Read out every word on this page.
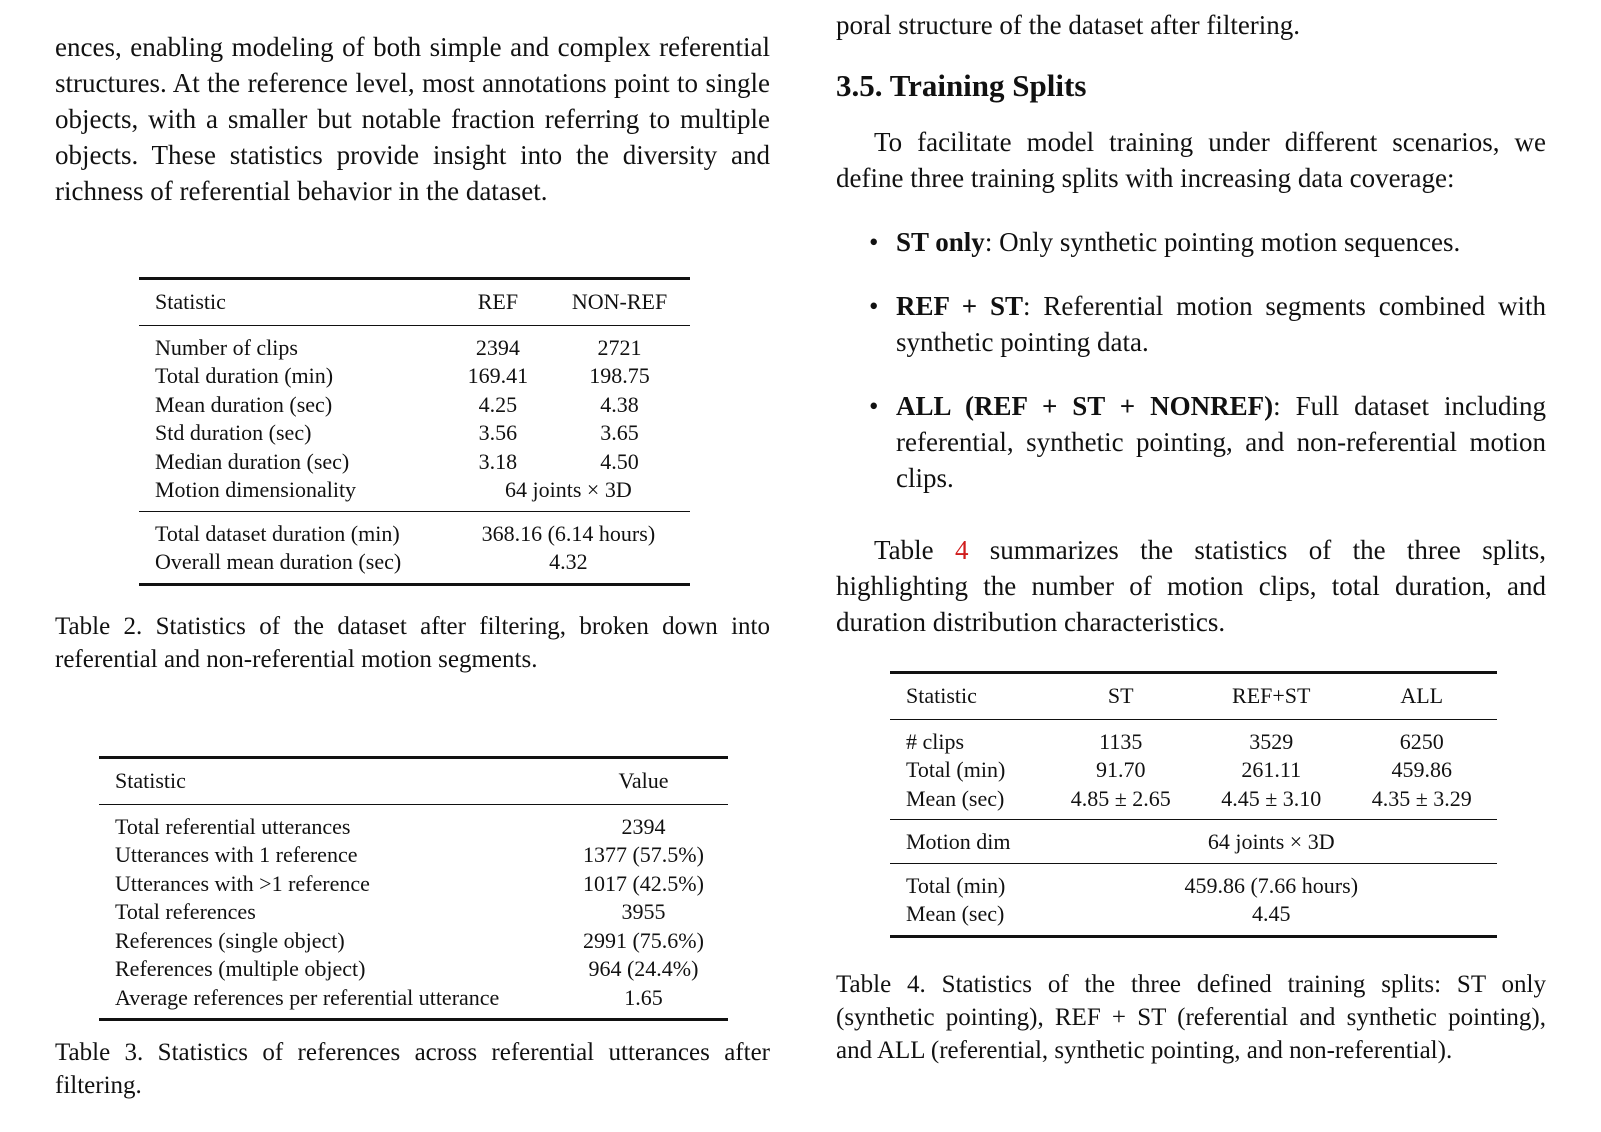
ences, enabling modeling of both simple and complex referential structures. At the reference level, most annotations point to single objects, with a smaller but notable fraction referring to multiple objects. These statistics provide insight into the diversity and richness of referential behavior in the dataset.

Statistic	REF	NON-REF
Number of clips	2394	2721
Total duration (min)	169.41	198.75
Mean duration (sec)	4.25	4.38
Std duration (sec)	3.56	3.65
Median duration (sec)	3.18	4.50
Motion dimensionality	64 joints × 3D	
Total dataset duration (min)	368.16 (6.14 hours)	
Overall mean duration (sec)	4.32	

Table 2. Statistics of the dataset after filtering, broken down into referential and non-referential motion segments.

Statistic	Value
Total referential utterances	2394
Utterances with 1 reference	1377 (57.5%)
Utterances with >1 reference	1017 (42.5%)
Total references	3955
References (single object)	2991 (75.6%)
References (multiple object)	964 (24.4%)
Average references per referential utterance	1.65

Table 3. Statistics of references across referential utterances after filtering.

poral structure of the dataset after filtering.
3.5. Training Splits

To facilitate model training under different scenarios, we define three training splits with increasing data coverage:

• ST only: Only synthetic pointing motion sequences.
• REF + ST: Referential motion segments combined with synthetic pointing data.
• ALL (REF + ST + NONREF): Full dataset including referential, synthetic pointing, and non-referential motion clips.

Table 4 summarizes the statistics of the three splits, highlighting the number of motion clips, total duration, and duration distribution characteristics.

Statistic	ST	REF+ST	ALL
# clips	1135	3529	6250
Total (min)	91.70	261.11	459.86
Mean (sec)	4.85 ± 2.65	4.45 ± 3.10	4.35 ± 3.29
Motion dim	64 joints × 3D		
Total (min)	459.86 (7.66 hours)		
Mean (sec)	4.45		

Table 4. Statistics of the three defined training splits: ST only (synthetic pointing), REF + ST (referential and synthetic pointing), and ALL (referential, synthetic pointing, and non-referential).
